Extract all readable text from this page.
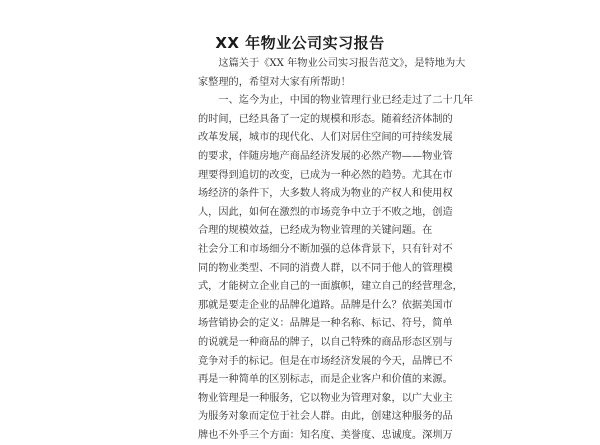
XX 年物业公司实习报告
这篇关于《XX 年物业公司实习报告范文》，是特地为大
家整理的，希望对大家有所帮助！
一、迄今为止，中国的物业管理行业已经走过了二十几年
的时间，已经具备了一定的规模和形态。随着经济体制的
改革发展，城市的现代化、人们对居住空间的可持续发展
的要求，伴随房地产商品经济发展的必然产物——物业管
理要得到追切的改变，已成为一种必然的趋势。尤其在市
场经济的条件下，大多数人将成为物业的产权人和使用权
人，因此，如何在激烈的市场竞争中立于不败之地，创造
合理的规模效益，已经成为物业管理的关键问题。在
社会分工和市场细分不断加强的总体背景下，只有针对不
同的物业类型、不同的消费人群，以不同于他人的管理模
式，才能树立企业自己的一面旗帜，建立自己的经营理念，
那就是要走企业的品牌化道路。品牌是什么？依据美国市
场营销协会的定义：品牌是一种名称、标记、符号，简单
的说就是一种商品的牌子，以自己特殊的商品形态区别与
竞争对手的标记。但是在市场经济发展的今天，品牌已不
再是一种简单的区别标志，而是企业客户和价值的来源。
物业管理是一种服务，它以物业为管理对象，以广大业主
为服务对象而定位于社会人群。由此，创建这种服务的品
牌也不外乎三个方面：知名度、美誉度、忠诚度。深圳万
